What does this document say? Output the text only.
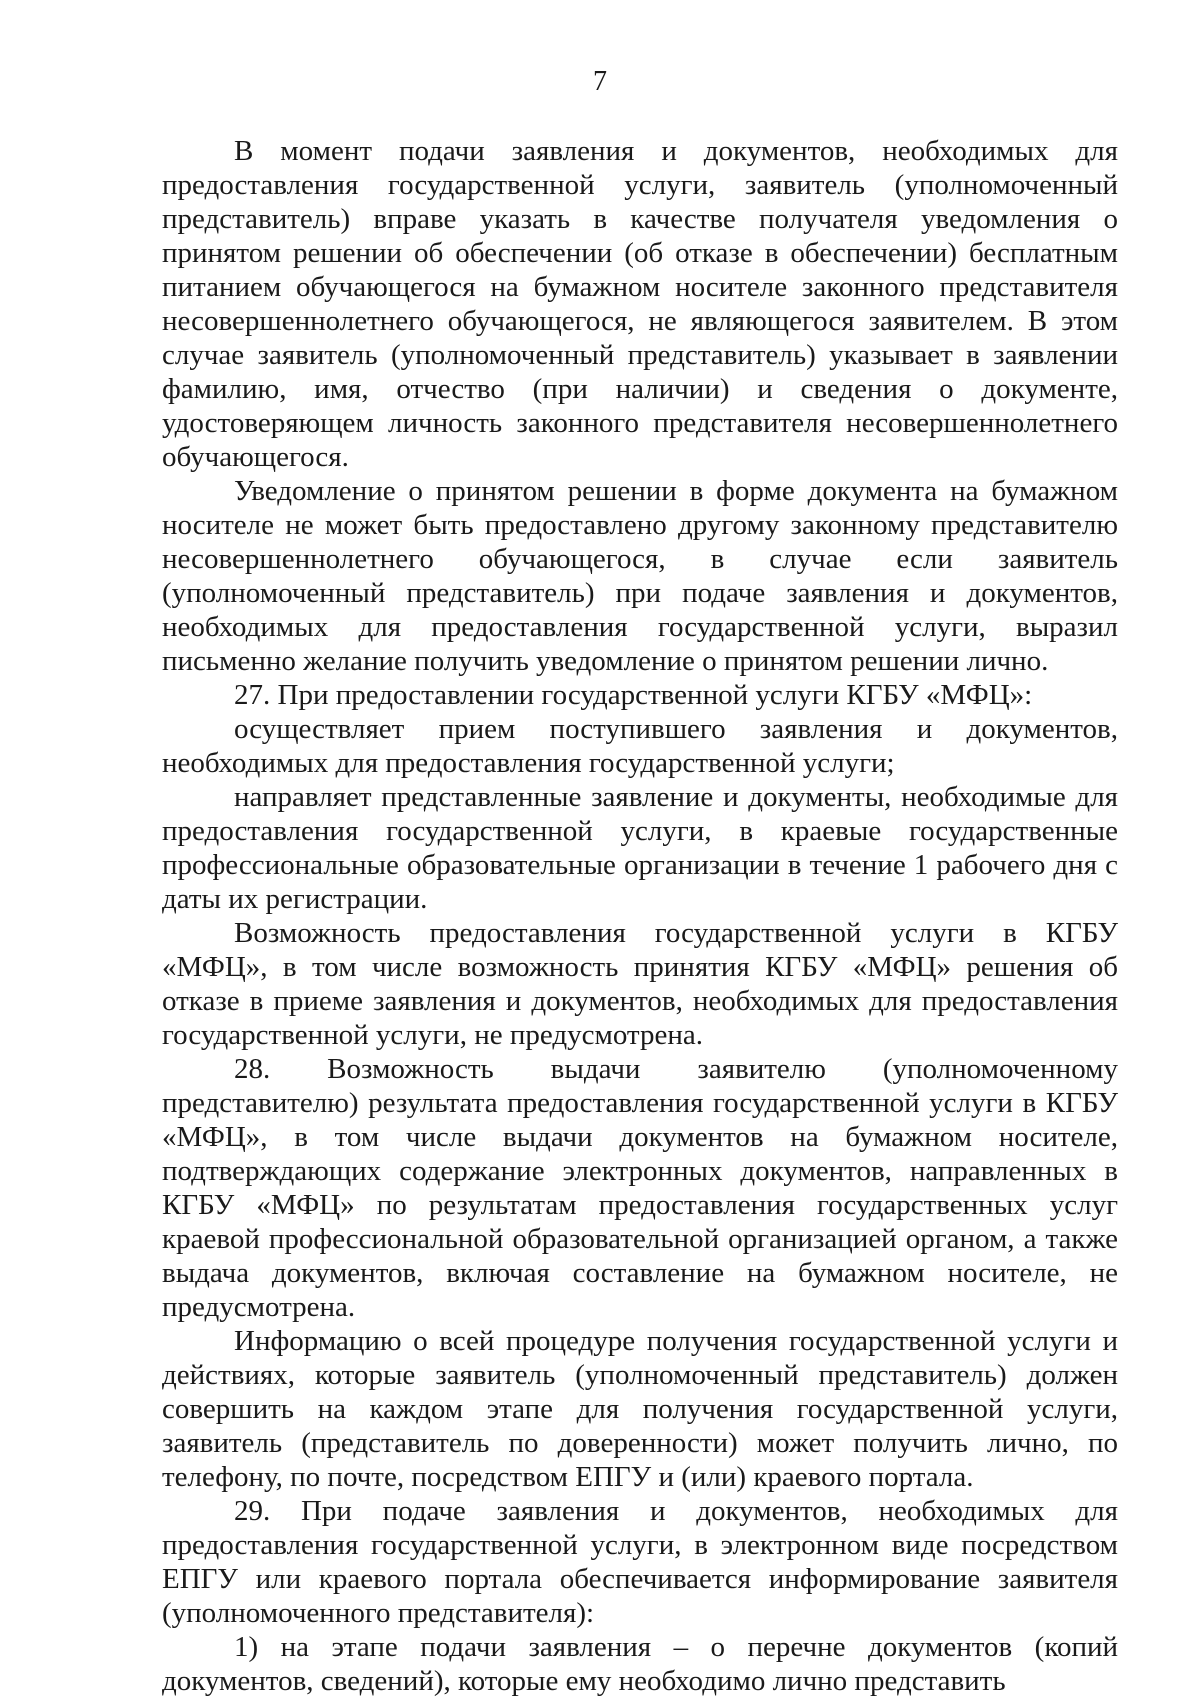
7

В момент подачи заявления и документов, необходимых для предоставления государственной услуги, заявитель (уполномоченный представитель) вправе указать в качестве получателя уведомления о принятом решении об обеспечении (об отказе в обеспечении) бесплатным питанием обучающегося на бумажном носителе законного представителя несовершеннолетнего обучающегося, не являющегося заявителем. В этом случае заявитель (уполномоченный представитель) указывает в заявлении фамилию, имя, отчество (при наличии) и сведения о документе, удостоверяющем личность законного представителя несовершеннолетнего обучающегося.

Уведомление о принятом решении в форме документа на бумажном носителе не может быть предоставлено другому законному представителю несовершеннолетнего обучающегося, в случае если заявитель (уполномоченный представитель) при подаче заявления и документов, необходимых для предоставления государственной услуги, выразил письменно желание получить уведомление о принятом решении лично.

27. При предоставлении государственной услуги КГБУ «МФЦ»:

осуществляет прием поступившего заявления и документов, необходимых для предоставления государственной услуги;

направляет представленные заявление и документы, необходимые для предоставления государственной услуги, в краевые государственные профессиональные образовательные организации в течение 1 рабочего дня с даты их регистрации.

Возможность предоставления государственной услуги в КГБУ «МФЦ», в том числе возможность принятия КГБУ «МФЦ» решения об отказе в приеме заявления и документов, необходимых для предоставления государственной услуги, не предусмотрена.

28. Возможность выдачи заявителю (уполномоченному представителю) результата предоставления государственной услуги в КГБУ «МФЦ», в том числе выдачи документов на бумажном носителе, подтверждающих содержание электронных документов, направленных в КГБУ «МФЦ» по результатам предоставления государственных услуг краевой профессиональной образовательной организацией органом, а также выдача документов, включая составление на бумажном носителе, не предусмотрена.

Информацию о всей процедуре получения государственной услуги и действиях, которые заявитель (уполномоченный представитель) должен совершить на каждом этапе для получения государственной услуги, заявитель (представитель по доверенности) может получить лично, по телефону, по почте, посредством ЕПГУ и (или) краевого портала.

29. При подаче заявления и документов, необходимых для предоставления государственной услуги, в электронном виде посредством ЕПГУ или краевого портала обеспечивается информирование заявителя (уполномоченного представителя):

1) на этапе подачи заявления – о перечне документов (копий документов, сведений), которые ему необходимо лично представить
